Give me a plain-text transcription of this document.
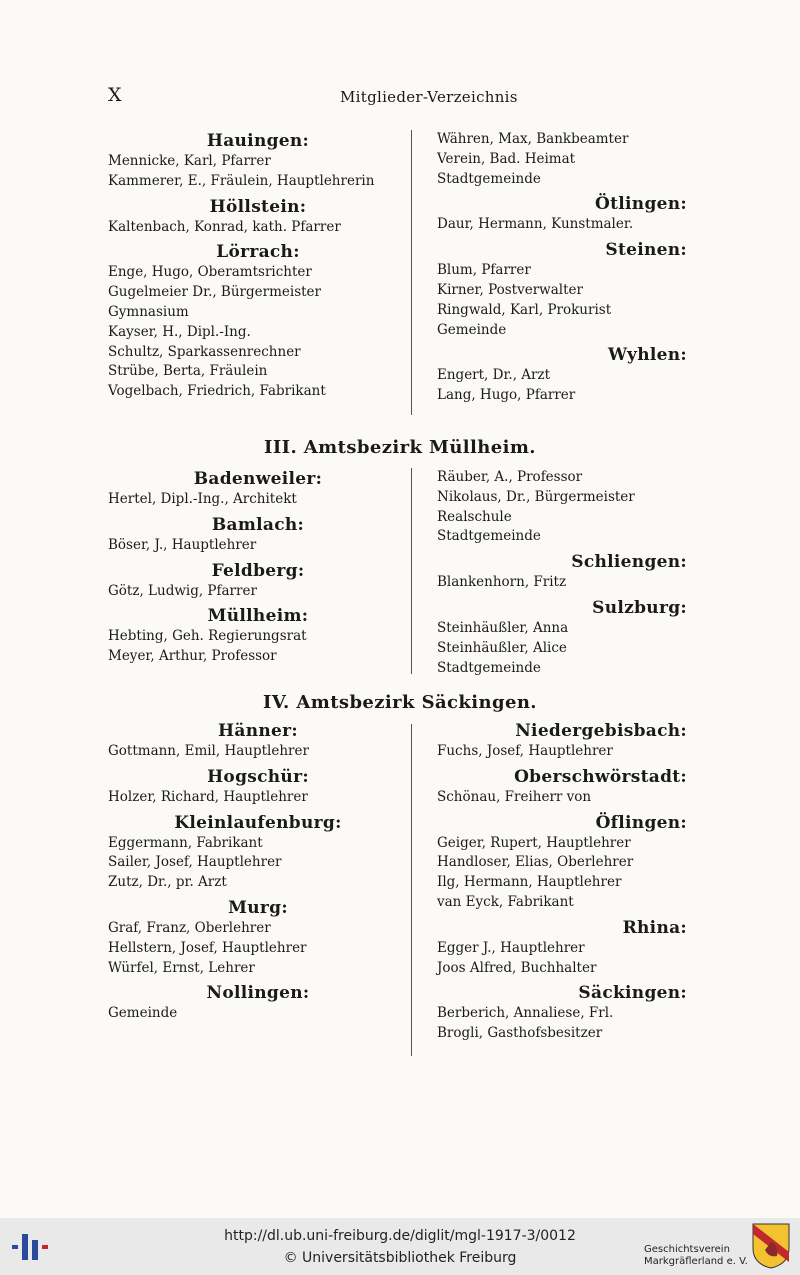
X	Mitglieder-Verzeichnis
Hauingen:
Mennicke, Karl, Pfarrer
Kammerer, E., Fräulein, Hauptlehrerin
Höllstein:
Kaltenbach, Konrad, kath. Pfarrer
Lörrach:
Enge, Hugo, Oberamtsrichter
Gugelmeier Dr., Bürgermeister
Gymnasium
Kayser, H., Dipl.-Ing.
Schultz, Sparkassenrechner
Strübe, Berta, Fräulein
Vogelbach, Friedrich, Fabrikant
Währen, Max, Bankbeamter
Verein, Bad. Heimat
Stadtgemeinde
Ötlingen:
Daur, Hermann, Kunstmaler.
Steinen:
Blum, Pfarrer
Kirner, Postverwalter
Ringwald, Karl, Prokurist
Gemeinde
Wyhlen:
Engert, Dr., Arzt
Lang, Hugo, Pfarrer
III. Amtsbezirk Müllheim.
Badenweiler:
Hertel, Dipl.-Ing., Architekt
Bamlach:
Böser, J., Hauptlehrer
Feldberg:
Götz, Ludwig, Pfarrer
Müllheim:
Hebting, Geh. Regierungsrat
Meyer, Arthur, Professor
Räuber, A., Professor
Nikolaus, Dr., Bürgermeister
Realschule
Stadtgemeinde
Schliengen:
Blankenhorn, Fritz
Sulzburg:
Steinhäußler, Anna
Steinhäußler, Alice
Stadtgemeinde
IV. Amtsbezirk Säckingen.
Hänner:
Gottmann, Emil, Hauptlehrer
Hogschür:
Holzer, Richard, Hauptlehrer
Kleinlaufenburg:
Eggermann, Fabrikant
Sailer, Josef, Hauptlehrer
Zutz, Dr., pr. Arzt
Murg:
Graf, Franz, Oberlehrer
Hellstern, Josef, Hauptlehrer
Würfel, Ernst, Lehrer
Nollingen:
Gemeinde
Niedergebisbach:
Fuchs, Josef, Hauptlehrer
Oberschwörstadt:
Schönau, Freiherr von
Öflingen:
Geiger, Rupert, Hauptlehrer
Handloser, Elias, Oberlehrer
Ilg, Hermann, Hauptlehrer
van Eyck, Fabrikant
Rhina:
Egger J., Hauptlehrer
Joos Alfred, Buchhalter
Säckingen:
Berberich, Annaliese, Frl.
Brogli, Gasthofsbesitzer
http://dl.ub.uni-freiburg.de/diglit/mgl-1917-3/0012
© Universitätsbibliothek Freiburg
Geschichtsverein
Markgräflerland e. V.
